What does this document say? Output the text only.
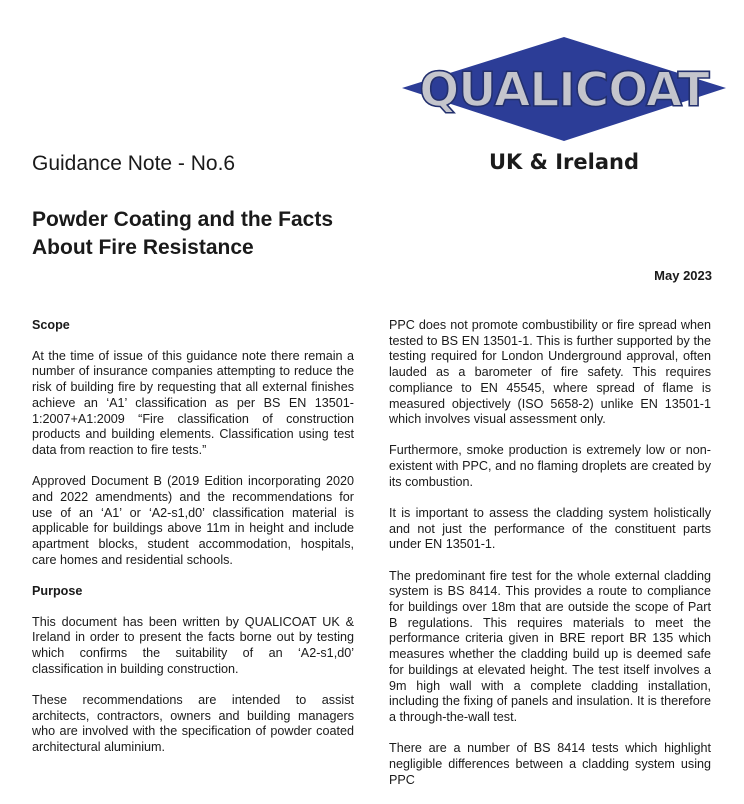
QUALICOAT
UK & Ireland
Guidance Note - No.6
Powder Coating and the Facts About Fire Resistance
May 2023
Scope

At the time of issue of this guidance note there remain a number of insurance companies attempting to reduce the risk of building fire by requesting that all external finishes achieve an ‘A1’ classification as per BS EN 13501-1:2007+A1:2009 “Fire classification of construction products and building elements. Classification using test data from reaction to fire tests.”

Approved Document B (2019 Edition incorporating 2020 and 2022 amendments) and the recommendations for use of an ‘A1’ or ‘A2-s1,d0’ classification material is applicable for buildings above 11m in height and include apartment blocks, student accommodation, hospitals, care homes and residential schools.

Purpose

This document has been written by QUALICOAT UK & Ireland in order to present the facts borne out by testing which confirms the suitability of an ‘A2-s1,d0’ classification in building construction.

These recommendations are intended to assist architects, contractors, owners and building managers who are involved with the specification of powder coated architectural aluminium.

PPC does not promote combustibility or fire spread when tested to BS EN 13501-1. This is further supported by the testing required for London Underground approval, often lauded as a barometer of fire safety. This requires compliance to EN 45545, where spread of flame is measured objectively (ISO 5658-2) unlike EN 13501-1 which involves visual assessment only.

Furthermore, smoke production is extremely low or non-existent with PPC, and no flaming droplets are created by its combustion.

It is important to assess the cladding system holistically and not just the performance of the constituent parts under EN 13501-1.

The predominant fire test for the whole external cladding system is BS 8414. This provides a route to compliance for buildings over 18m that are outside the scope of Part B regulations. This requires materials to meet the performance criteria given in BRE report BR 135 which measures whether the cladding build up is deemed safe for buildings at elevated height. The test itself involves a 9m high wall with a complete cladding installation, including the fixing of panels and insulation. It is therefore a through-the-wall test.

There are a number of BS 8414 tests which highlight negligible differences between a cladding system using PPC
